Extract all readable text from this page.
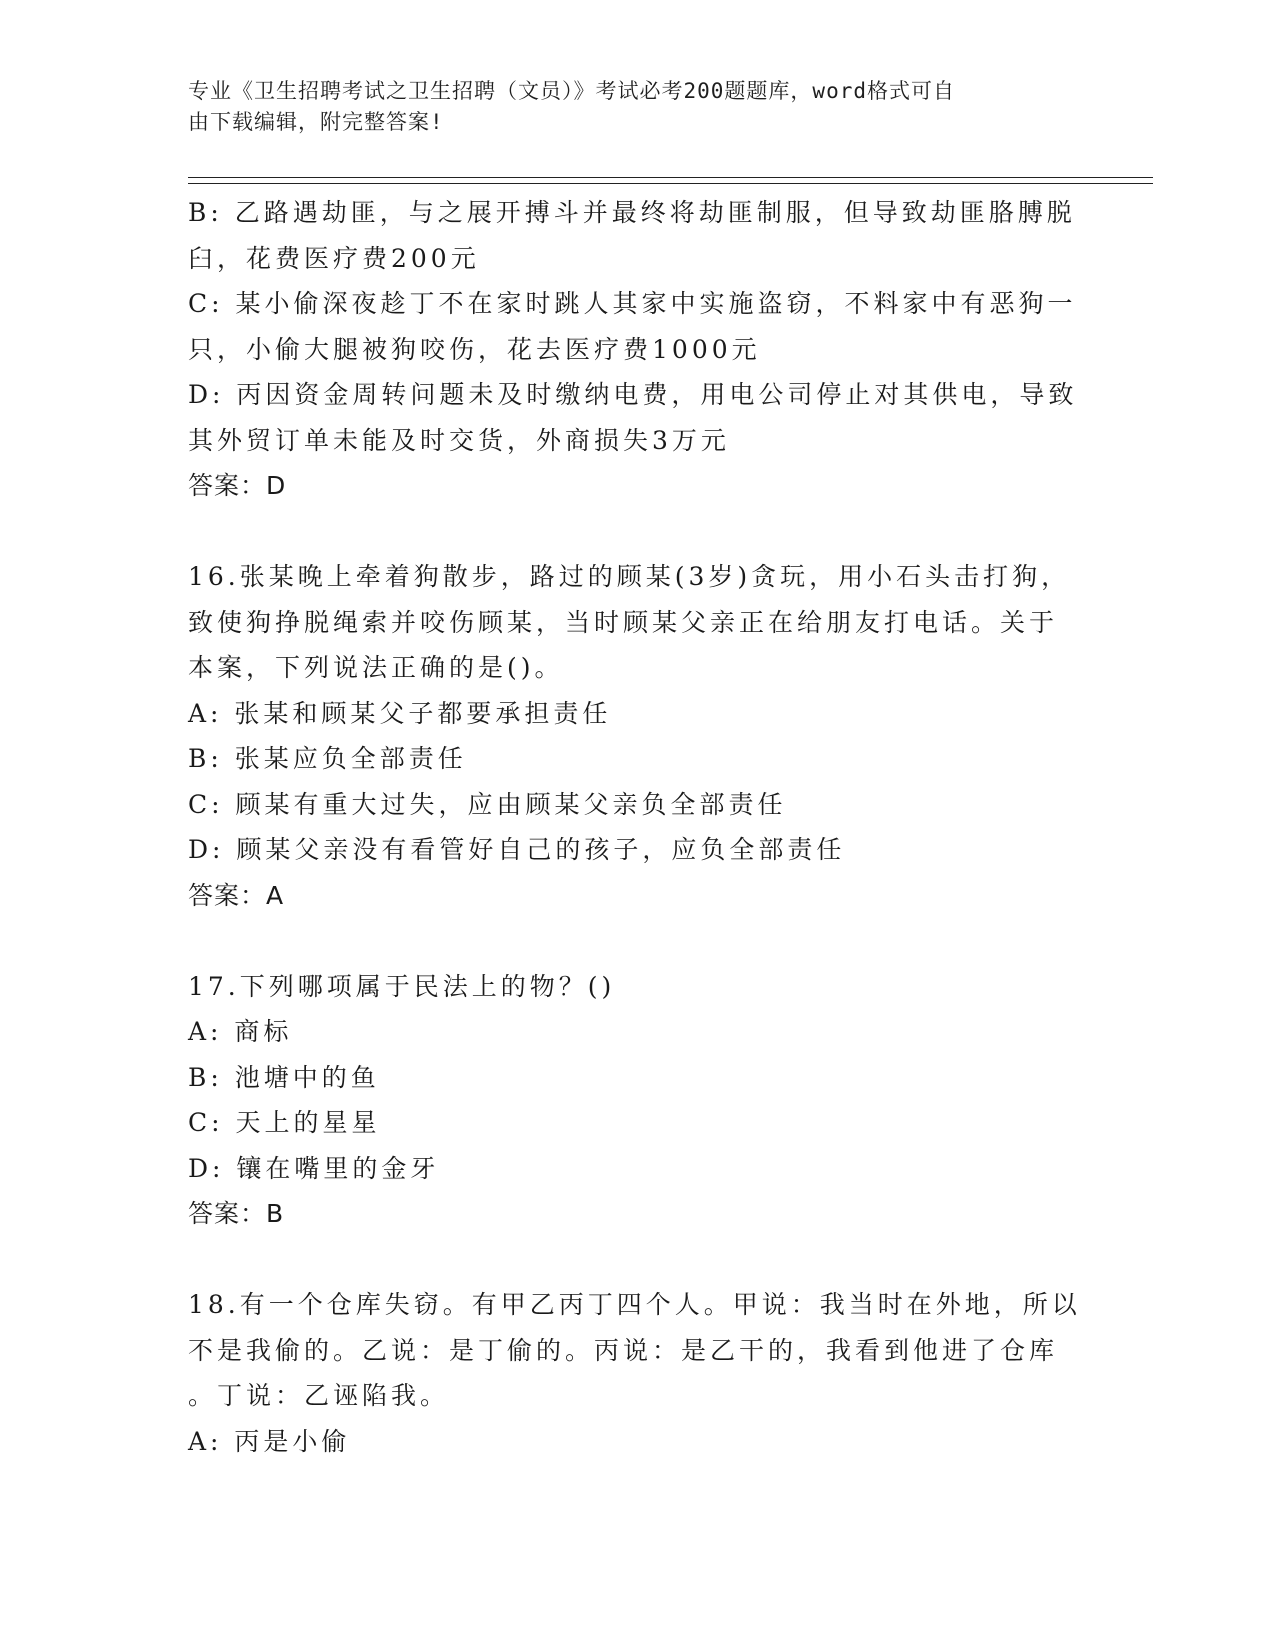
专业《卫生招聘考试之卫生招聘（文员）》考试必考200题题库，word格式可自
由下载编辑，附完整答案!
B: 乙路遇劫匪，与之展开搏斗并最终将劫匪制服，但导致劫匪胳膊脱
臼，花费医疗费200元
C: 某小偷深夜趁丁不在家时跳人其家中实施盗窃，不料家中有恶狗一
只，小偷大腿被狗咬伤，花去医疗费1000元
D: 丙因资金周转问题未及时缴纳电费，用电公司停止对其供电，导致
其外贸订单未能及时交货，外商损失3万元
答案：D
16.张某晚上牵着狗散步，路过的顾某(3岁)贪玩，用小石头击打狗，
致使狗挣脱绳索并咬伤顾某，当时顾某父亲正在给朋友打电话。关于
本案，下列说法正确的是()。
A: 张某和顾某父子都要承担责任
B: 张某应负全部责任
C: 顾某有重大过失，应由顾某父亲负全部责任
D: 顾某父亲没有看管好自己的孩子，应负全部责任
答案：A
17.下列哪项属于民法上的物？()
A: 商标
B: 池塘中的鱼
C: 天上的星星
D: 镶在嘴里的金牙
答案：B
18.有一个仓库失窃。有甲乙丙丁四个人。甲说：我当时在外地，所以
不是我偷的。乙说：是丁偷的。丙说：是乙干的，我看到他进了仓库
。丁说：乙诬陷我。
A: 丙是小偷
